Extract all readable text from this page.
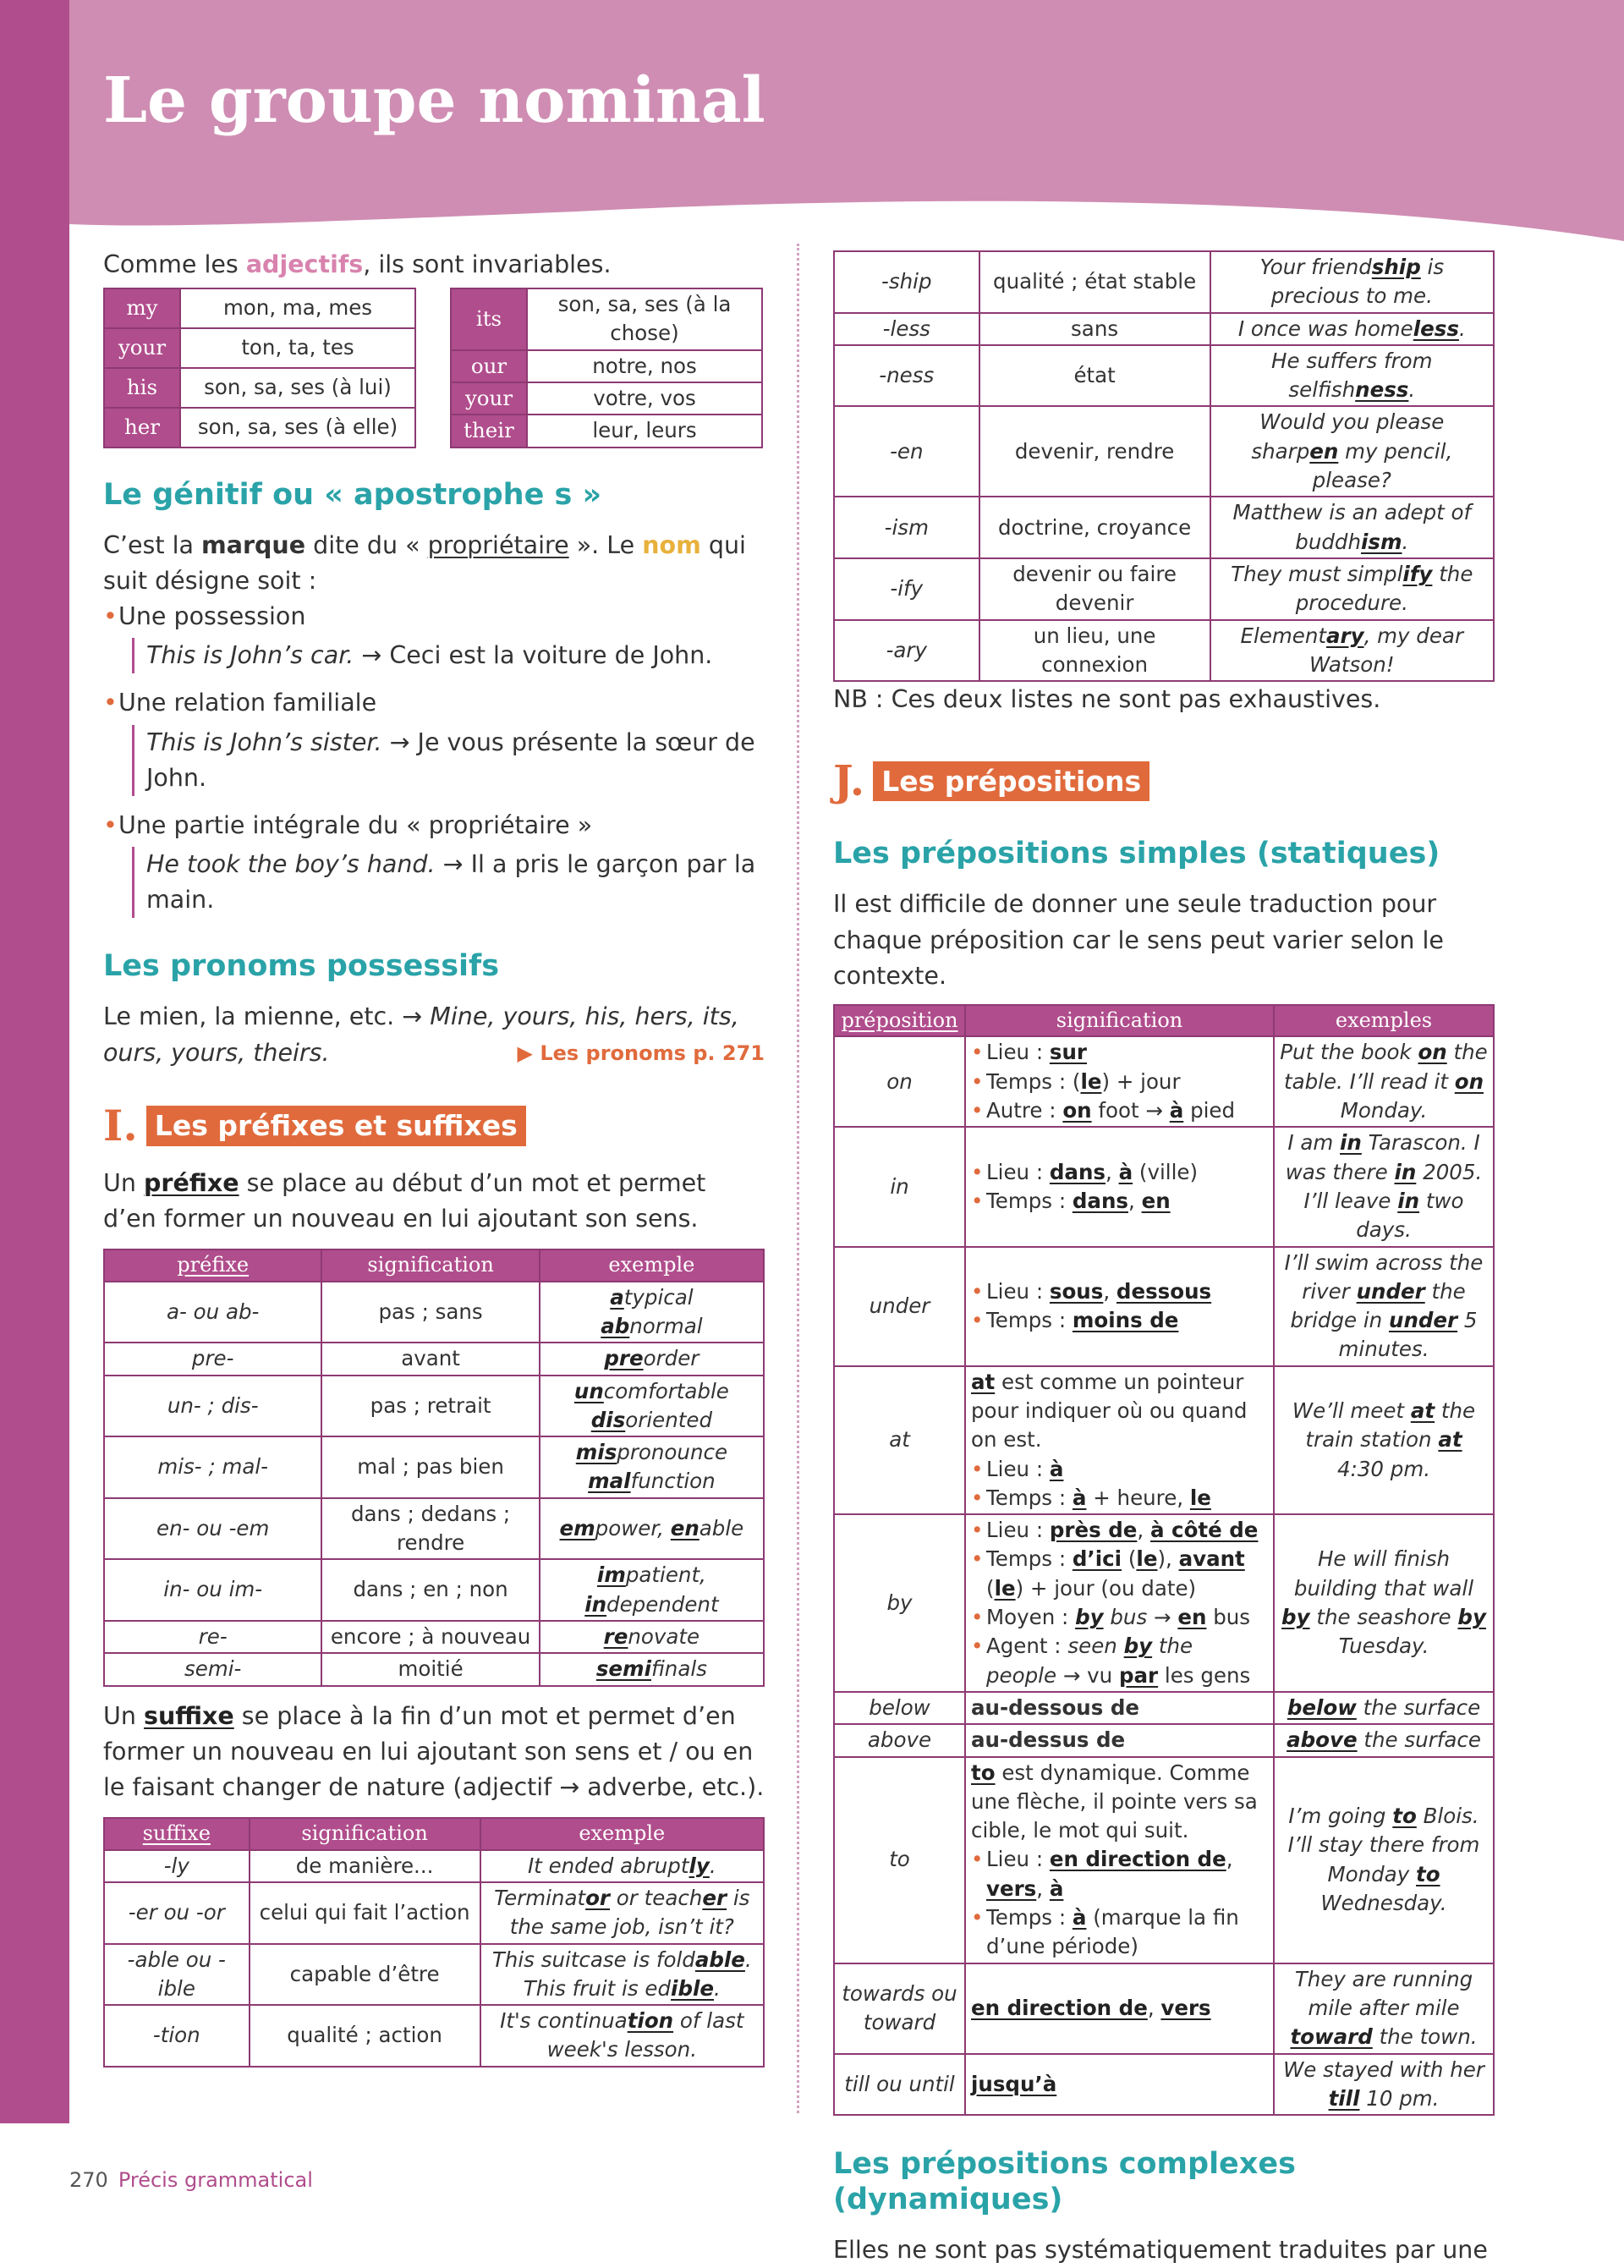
Le groupe nominal

Comme les adjectifs, ils sont invariables.

my	mon, ma, mes
your	ton, ta, tes
his	son, sa, ses (à lui)
her	son, sa, ses (à elle)
its	son, sa, ses (à la chose)
our	notre, nos
your	votre, vos
their	leur, leurs
Le génitif ou « apostrophe s »

C’est la marque dite du « propriétaire ». Le nom qui suit désigne soit :

• Une possession
This is John’s car. → Ceci est la voiture de John.
• Une relation familiale
This is John’s sister. → Je vous présente la sœur de John.
• Une partie intégrale du « propriétaire »
He took the boy’s hand. → Il a pris le garçon par la main.
Les pronoms possessifs

Le mien, la mienne, etc. → Mine, yours, his, hers, its, ours, yours, theirs.	▶ Les pronoms p. 271

I. Les préfixes et suffixes

Un préfixe se place au début d’un mot et permet d’en former un nouveau en lui ajoutant son sens.

préfixe	signification	exemple
a- ou ab-	pas ; sans	atypical
abnormal
pre-	avant	preorder
un- ; dis-	pas ; retrait	uncomfortable
disoriented
mis- ; mal-	mal ; pas bien	mispronounce
malfunction
en- ou -em	dans ; dedans ; rendre	empower, enable
in- ou im-	dans ; en ; non	impatient, independent
re-	encore ; à nouveau	renovate
semi-	moitié	semifinals

Un suffixe se place à la fin d’un mot et permet d’en former un nouveau en lui ajoutant son sens et / ou en le faisant changer de nature (adjectif → adverbe, etc.).

suffixe	signification	exemple
-ly	de manière...	It ended abruptly.
-er ou -or	celui qui fait l’action	Terminator or teacher is the same job, isn’t it?
-able ou -ible	capable d’être	This suitcase is foldable. This fruit is edible.
-tion	qualité ; action	It's continuation of last week's lesson.
-ship	qualité ; état stable	Your friendship is precious to me.
-less	sans	I once was homeless.
-ness	état	He suffers from selfishness.
-en	devenir, rendre	Would you please sharpen my pencil, please?
-ism	doctrine, croyance	Matthew is an adept of buddhism.
-ify	devenir ou faire devenir	They must simplify the procedure.
-ary	un lieu, une connexion	Elementary, my dear Watson!

NB : Ces deux listes ne sont pas exhaustives.

J. Les prépositions
Les prépositions simples (statiques)

Il est difficile de donner une seule traduction pour chaque préposition car le sens peut varier selon le contexte.

préposition	signification	exemples
on	• Lieu : sur
• Temps : (le) + jour
• Autre : on foot → à pied	Put the book on the table. I’ll read it on Monday.
in	• Lieu : dans, à (ville)
• Temps : dans, en	I am in Tarascon. I was there in 2005. I’ll leave in two days.
under	• Lieu : sous, dessous
• Temps : moins de	I’ll swim across the river under the bridge in under 5 minutes.
at	at est comme un pointeur pour indiquer où ou quand on est.
• Lieu : à
• Temps : à + heure, le	We’ll meet at the train station at 4:30 pm.
by	• Lieu : près de, à côté de
• Temps : d’ici (le), avant (le) + jour (ou date)
• Moyen : by bus → en bus
• Agent : seen by the people → vu par les gens	He will finish building that wall by the seashore by Tuesday.
below	au-dessous de	below the surface
above	au-dessus de	above the surface
to	to est dynamique. Comme une flèche, il pointe vers sa cible, le mot qui suit.
• Lieu : en direction de, vers, à
• Temps : à (marque la fin d’une période)	I’m going to Blois. I’ll stay there from Monday to Wednesday.
towards ou toward	en direction de, vers	They are running mile after mile toward the town.
till ou until	jusqu’à	We stayed with her till 10 pm.
Les prépositions complexes (dynamiques)

Elles ne sont pas systématiquement traduites par une

270 Précis grammatical
